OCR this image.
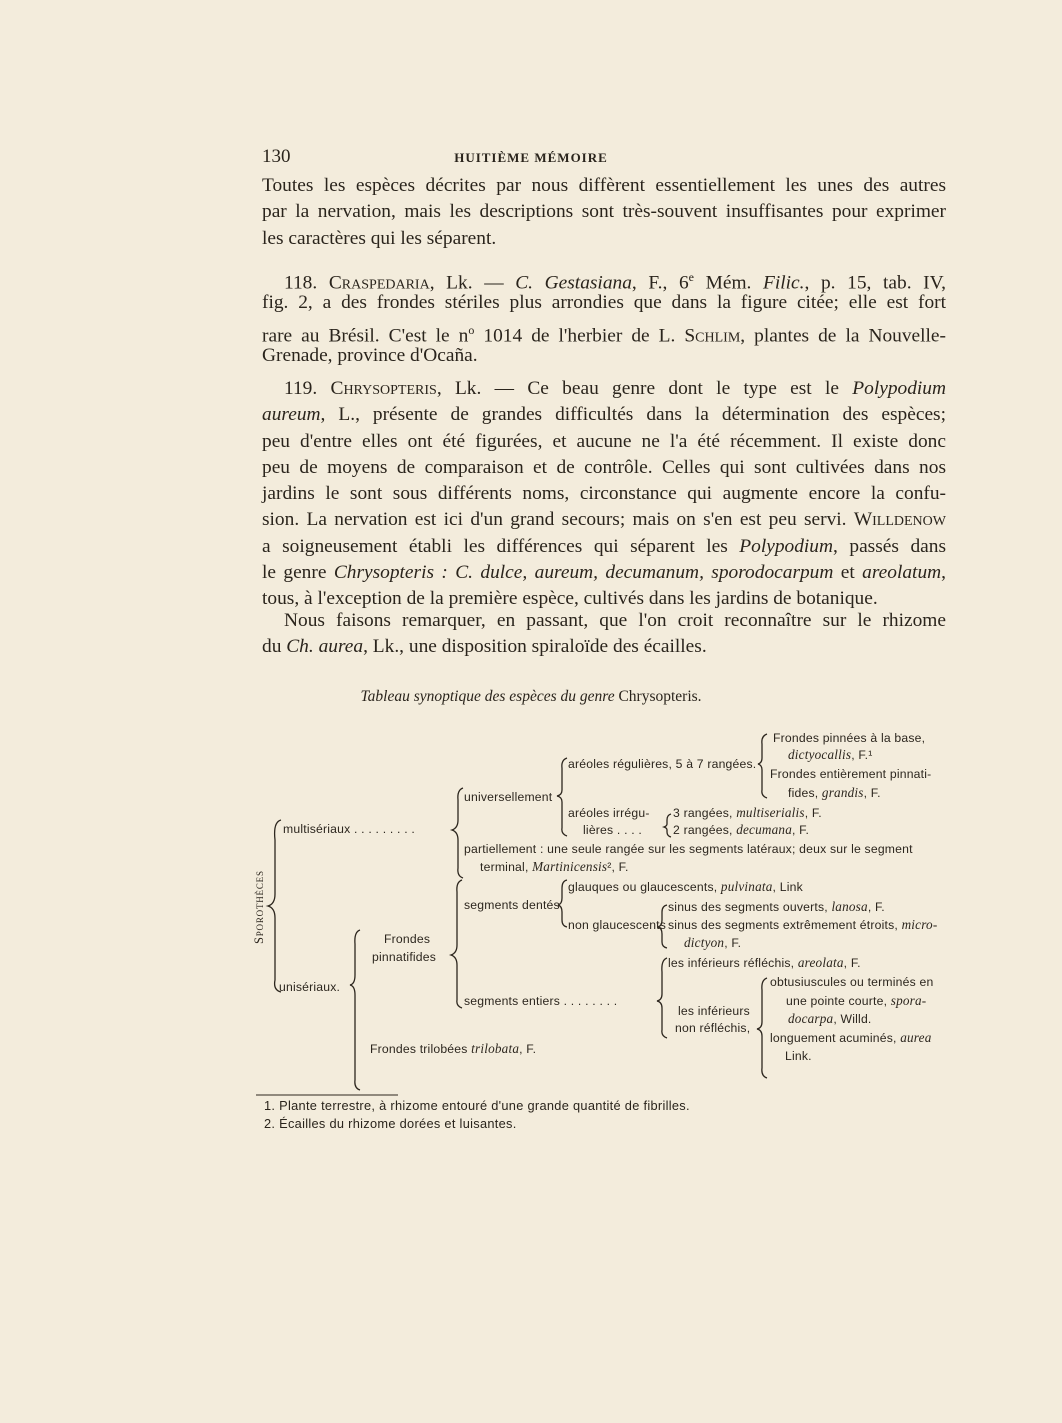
130	HUITIÈME MÉMOIRE
Toutes les espèces décrites par nous diffèrent essentiellement les unes des autres
par la nervation, mais les descriptions sont très-souvent insuffisantes pour exprimer
les caractères qui les séparent.
118. Craspedaria, Lk. — C. Gestasiana, F., 6e Mém. Filic., p. 15, tab. IV,
fig. 2, a des frondes stériles plus arrondies que dans la figure citée; elle est fort
rare au Brésil. C'est le $n^o$ 1014 de l'herbier de L. Schlim, plantes de la Nouvelle-
Grenade, province d'Ocaña.
119. Chrysopteris, Lk. — Ce beau genre dont le type est le Polypodium
aureum, L., présente de grandes difficultés dans la détermination des espèces;
peu d'entre elles ont été figurées, et aucune ne l'a été récemment. Il existe donc
peu de moyens de comparaison et de contrôle. Celles qui sont cultivées dans nos
jardins le sont sous différents noms, circonstance qui augmente encore la confu-
sion. La nervation est ici d'un grand secours; mais on s'en est peu servi. Willdenow
a soigneusement établi les différences qui séparent les Polypodium, passés dans
le genre Chrysopteris : C. dulce, aureum, decumanum, sporodocarpum et areolatum,
tous, à l'exception de la première espèce, cultivés dans les jardins de botanique.
Nous faisons remarquer, en passant, que l'on croit reconnaître sur le rhizome
du Ch. aurea, Lk., une disposition spiraloïde des écailles.
Tableau synoptique des espèces du genre Chrysopteris.
Sporothèces
multisériaux . . . . . . . . .
unisériaux.
Frondes
pinnatifides
Frondes trilobées trilobata, F.
universellement
aréoles régulières, 5 à 7 rangées.
Frondes pinnées à la base,
dictyocallis, F.¹
Frondes entièrement pinnati-
fides, grandis, F.
aréoles irrégu-
lières . . . .
3 rangées, multiserialis, F.
2 rangées, decumana, F.
partiellement : une seule rangée sur les segments latéraux; deux sur le segment
terminal, Martinicensis², F.
segments dentés
glauques ou glaucescents, pulvinata, Link
non glaucescents
sinus des segments ouverts, lanosa, F.
sinus des segments extrêmement étroits, micro-
dictyon, F.
segments entiers . . . . . . . .
les inférieurs réfléchis, areolata, F.
les inférieurs
non réfléchis,
obtusiuscules ou terminés en
une pointe courte, spora-
docarpa, Willd.
longuement acuminés, aurea
Link.
1. Plante terrestre, à rhizome entouré d'une grande quantité de fibrilles.
2. Écailles du rhizome dorées et luisantes.
